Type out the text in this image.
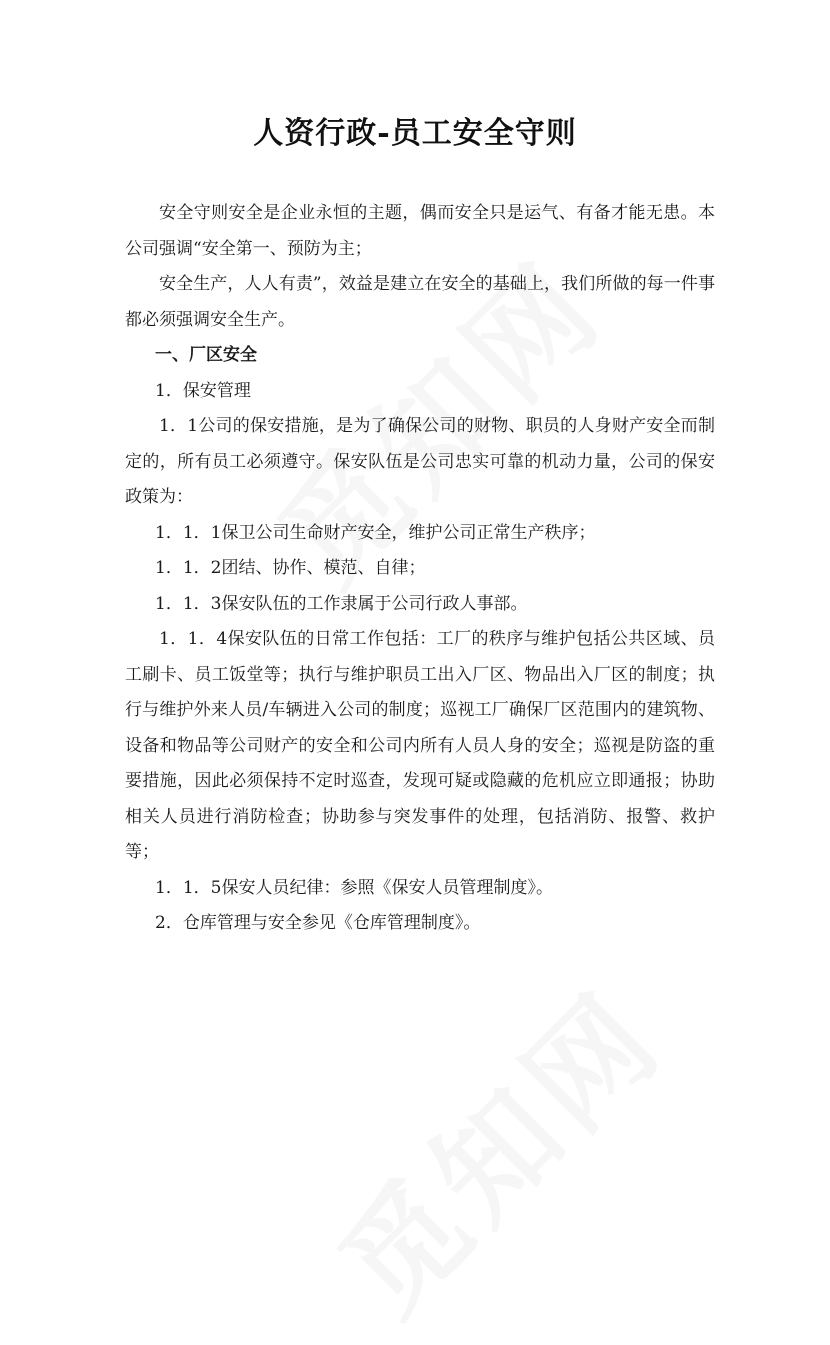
人资行政-员工安全守则

安全守则安全是企业永恒的主题，偶而安全只是运气、有备才能无患。本公司强调“安全第一、预防为主；

安全生产，人人有责”，效益是建立在安全的基础上，我们所做的每一件事都必须强调安全生产。

一、厂区安全

1．保安管理

1．1公司的保安措施，是为了确保公司的财物、职员的人身财产安全而制定的，所有员工必须遵守。保安队伍是公司忠实可靠的机动力量，公司的保安政策为：

1．1．1保卫公司生命财产安全，维护公司正常生产秩序；

1．1．2团结、协作、模范、自律；

1．1．3保安队伍的工作隶属于公司行政人事部。

1．1．4保安队伍的日常工作包括：工厂的秩序与维护包括公共区域、员工刷卡、员工饭堂等；执行与维护职员工出入厂区、物品出入厂区的制度；执行与维护外来人员/车辆进入公司的制度；巡视工厂确保厂区范围内的建筑物、设备和物品等公司财产的安全和公司内所有人员人身的安全；巡视是防盗的重要措施，因此必须保持不定时巡查，发现可疑或隐藏的危机应立即通报；协助相关人员进行消防检查；协助参与突发事件的处理，包括消防、报警、救护等；

1．1．5保安人员纪律：参照《保安人员管理制度》。

2．仓库管理与安全参见《仓库管理制度》。
